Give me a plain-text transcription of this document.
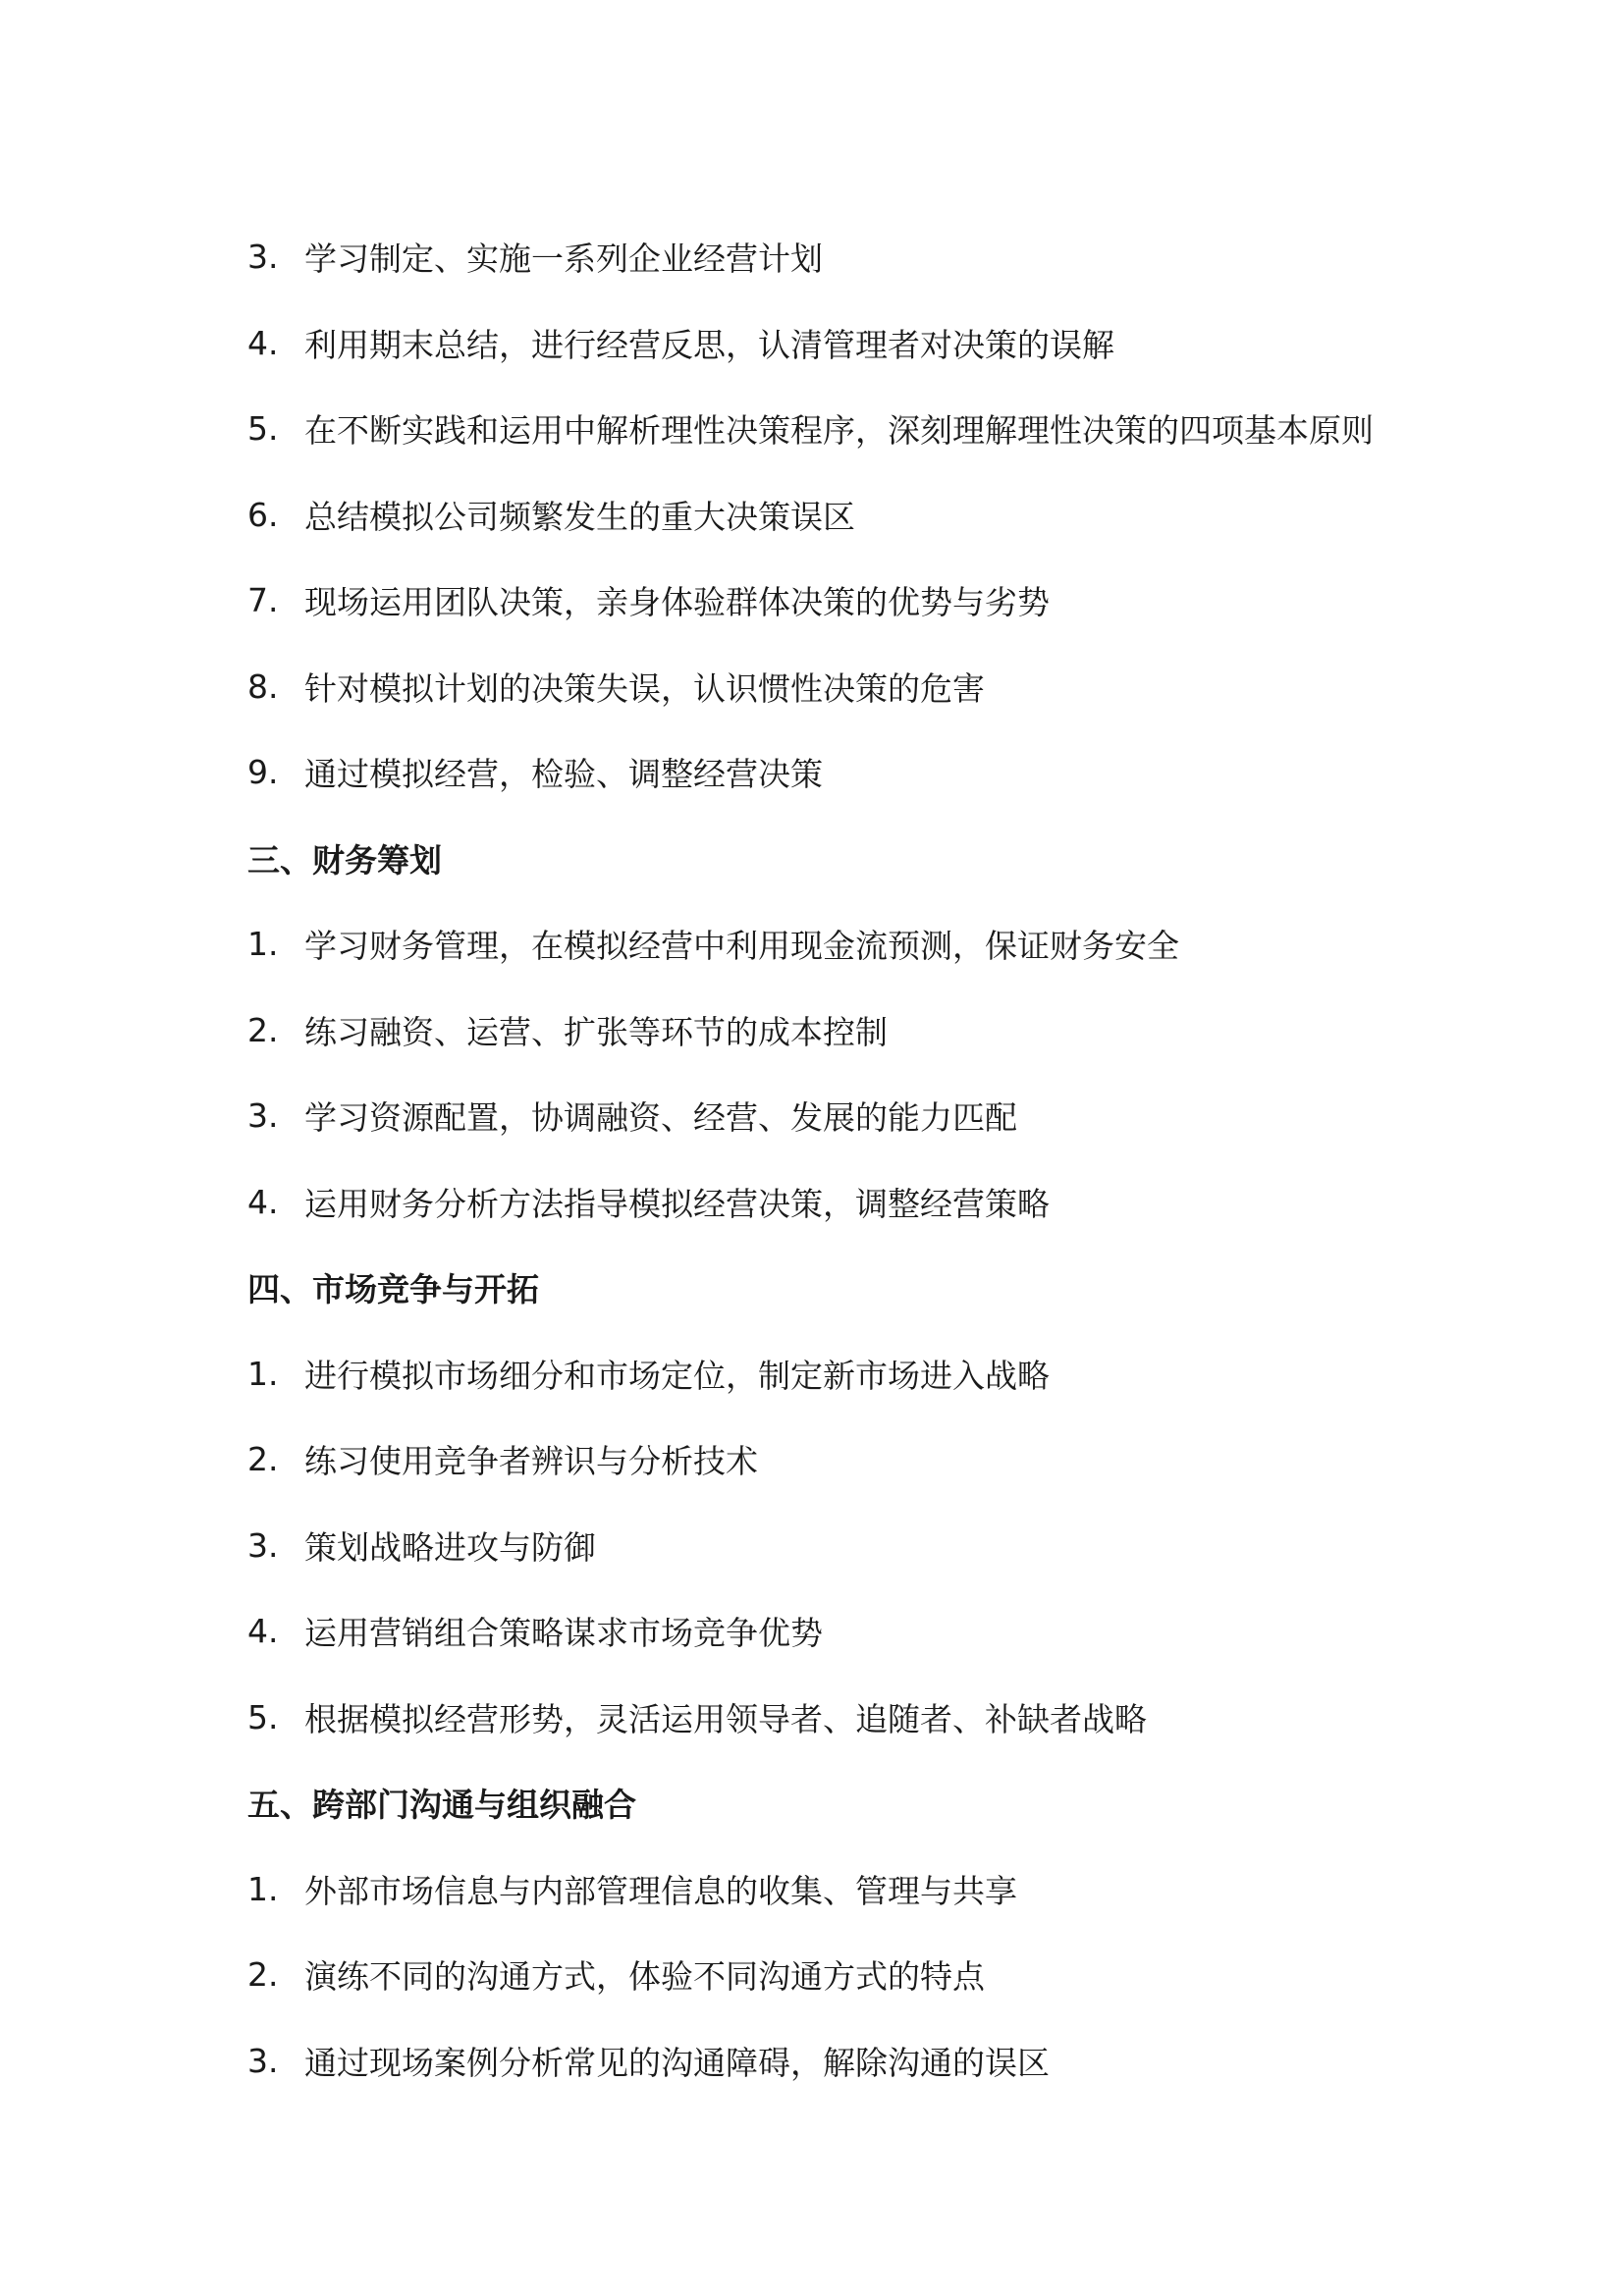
3. 学习制定、实施一系列企业经营计划
4. 利用期末总结，进行经营反思，认清管理者对决策的误解
5. 在不断实践和运用中解析理性决策程序，深刻理解理性决策的四项基本原则
6. 总结模拟公司频繁发生的重大决策误区
7. 现场运用团队决策，亲身体验群体决策的优势与劣势
8. 针对模拟计划的决策失误，认识惯性决策的危害
9. 通过模拟经营，检验、调整经营决策
三、财务筹划
1. 学习财务管理，在模拟经营中利用现金流预测，保证财务安全
2. 练习融资、运营、扩张等环节的成本控制
3. 学习资源配置，协调融资、经营、发展的能力匹配
4. 运用财务分析方法指导模拟经营决策，调整经营策略
四、市场竞争与开拓
1. 进行模拟市场细分和市场定位，制定新市场进入战略
2. 练习使用竞争者辨识与分析技术
3. 策划战略进攻与防御
4. 运用营销组合策略谋求市场竞争优势
5. 根据模拟经营形势，灵活运用领导者、追随者、补缺者战略
五、跨部门沟通与组织融合
1. 外部市场信息与内部管理信息的收集、管理与共享
2. 演练不同的沟通方式，体验不同沟通方式的特点
3. 通过现场案例分析常见的沟通障碍，解除沟通的误区
